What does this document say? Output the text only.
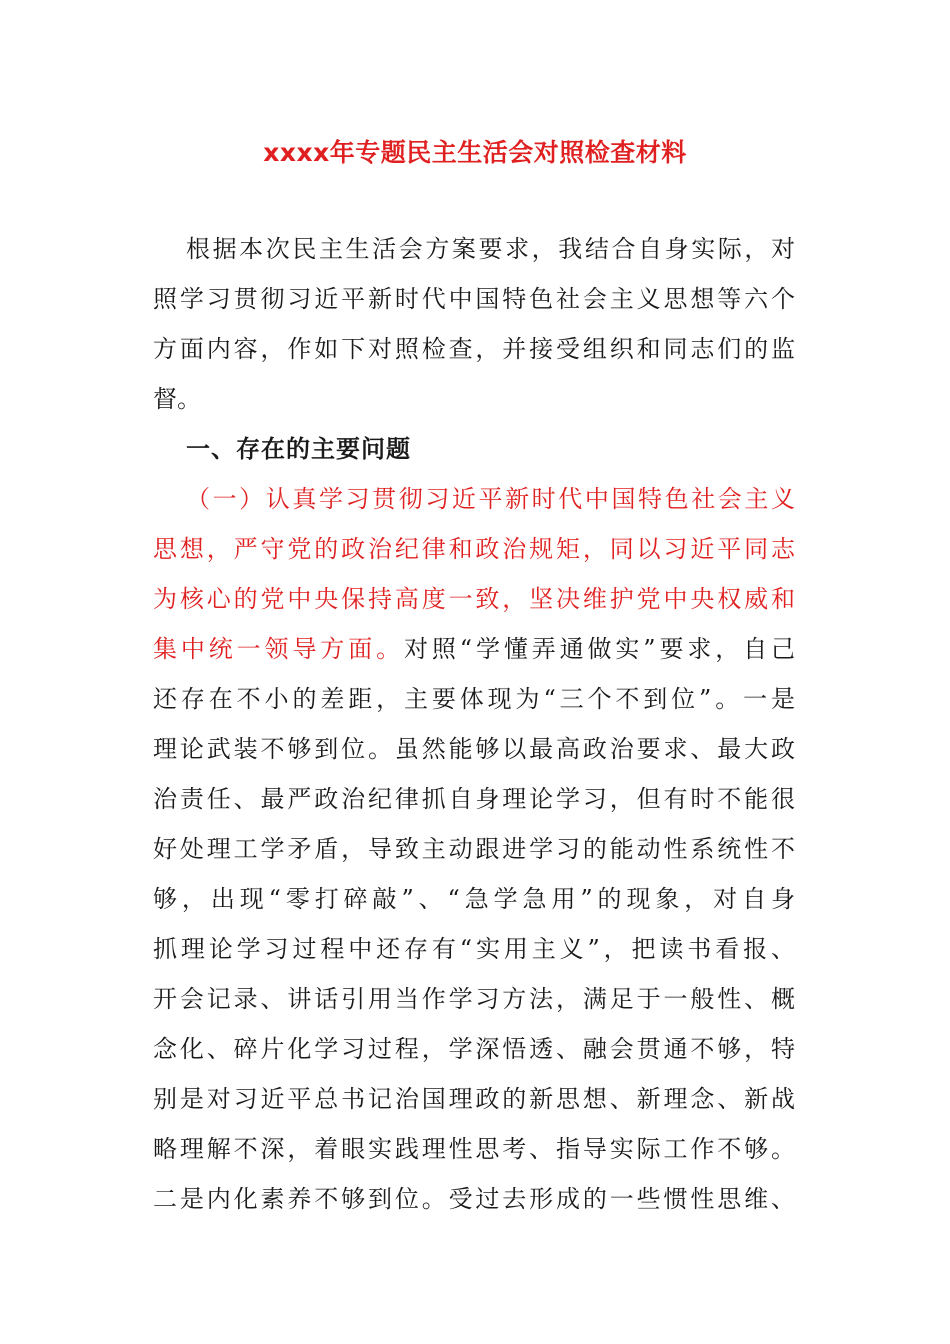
xxxx年专题民主生活会对照检查材料
根据本次民主生活会方案要求，我结合自身实际，对
照学习贯彻习近平新时代中国特色社会主义思想等六个
方面内容，作如下对照检查，并接受组织和同志们的监
督。
一、存在的主要问题
（一）认真学习贯彻习近平新时代中国特色社会主义
思想，严守党的政治纪律和政治规矩，同以习近平同志
为核心的党中央保持高度一致，坚决维护党中央权威和
集中统一领导方面。对照“学懂弄通做实”要求，自己
还存在不小的差距，主要体现为“三个不到位”。一是
理论武装不够到位。虽然能够以最高政治要求、最大政
治责任、最严政治纪律抓自身理论学习，但有时不能很
好处理工学矛盾，导致主动跟进学习的能动性系统性不
够，出现“零打碎敲”、“急学急用”的现象，对自身
抓理论学习过程中还存有“实用主义”，把读书看报、
开会记录、讲话引用当作学习方法，满足于一般性、概
念化、碎片化学习过程，学深悟透、融会贯通不够，特
别是对习近平总书记治国理政的新思想、新理念、新战
略理解不深，着眼实践理性思考、指导实际工作不够。
二是内化素养不够到位。受过去形成的一些惯性思维、
